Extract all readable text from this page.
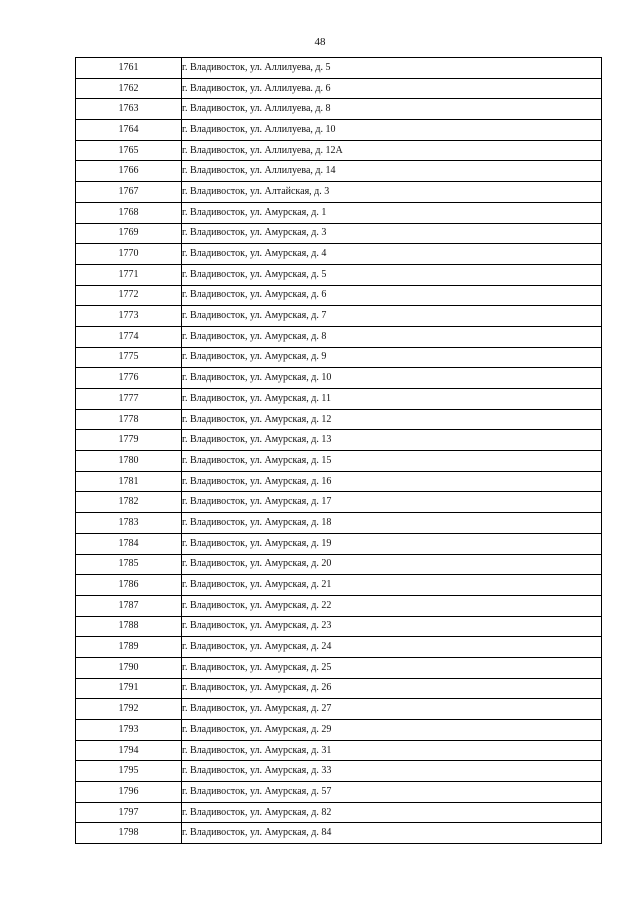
48
1761	г. Владивосток, ул. Аллилуева, д. 5
1762	г. Владивосток, ул. Аллилуева. д. 6
1763	г. Владивосток, ул. Аллилуева, д. 8
1764	г. Владивосток, ул. Аллилуева, д. 10
1765	г. Владивосток, ул. Аллилуева, д. 12А
1766	г. Владивосток, ул. Аллилуева, д. 14
1767	г. Владивосток, ул. Алтайская, д. 3
1768	г. Владивосток, ул. Амурская, д. 1
1769	г. Владивосток, ул. Амурская, д. 3
1770	г. Владивосток, ул. Амурская, д. 4
1771	г. Владивосток, ул. Амурская, д. 5
1772	г. Владивосток, ул. Амурская, д. 6
1773	г. Владивосток, ул. Амурская, д. 7
1774	г. Владивосток, ул. Амурская, д. 8
1775	г. Владивосток, ул. Амурская, д. 9
1776	г. Владивосток, ул. Амурская, д. 10
1777	г. Владивосток, ул. Амурская, д. 11
1778	г. Владивосток, ул. Амурская, д. 12
1779	г. Владивосток, ул. Амурская, д. 13
1780	г. Владивосток, ул. Амурская, д. 15
1781	г. Владивосток, ул. Амурская, д. 16
1782	г. Владивосток, ул. Амурская, д. 17
1783	г. Владивосток, ул. Амурская, д. 18
1784	г. Владивосток, ул. Амурская, д. 19
1785	г. Владивосток, ул. Амурская, д. 20
1786	г. Владивосток, ул. Амурская, д. 21
1787	г. Владивосток, ул. Амурская, д. 22
1788	г. Владивосток, ул. Амурская, д. 23
1789	г. Владивосток, ул. Амурская, д. 24
1790	г. Владивосток, ул. Амурская, д. 25
1791	г. Владивосток, ул. Амурская, д. 26
1792	г. Владивосток, ул. Амурская, д. 27
1793	г. Владивосток, ул. Амурская, д. 29
1794	г. Владивосток, ул. Амурская, д. 31
1795	г. Владивосток, ул. Амурская, д. 33
1796	г. Владивосток, ул. Амурская, д. 57
1797	г. Владивосток, ул. Амурская, д. 82
1798	г. Владивосток, ул. Амурская, д. 84
